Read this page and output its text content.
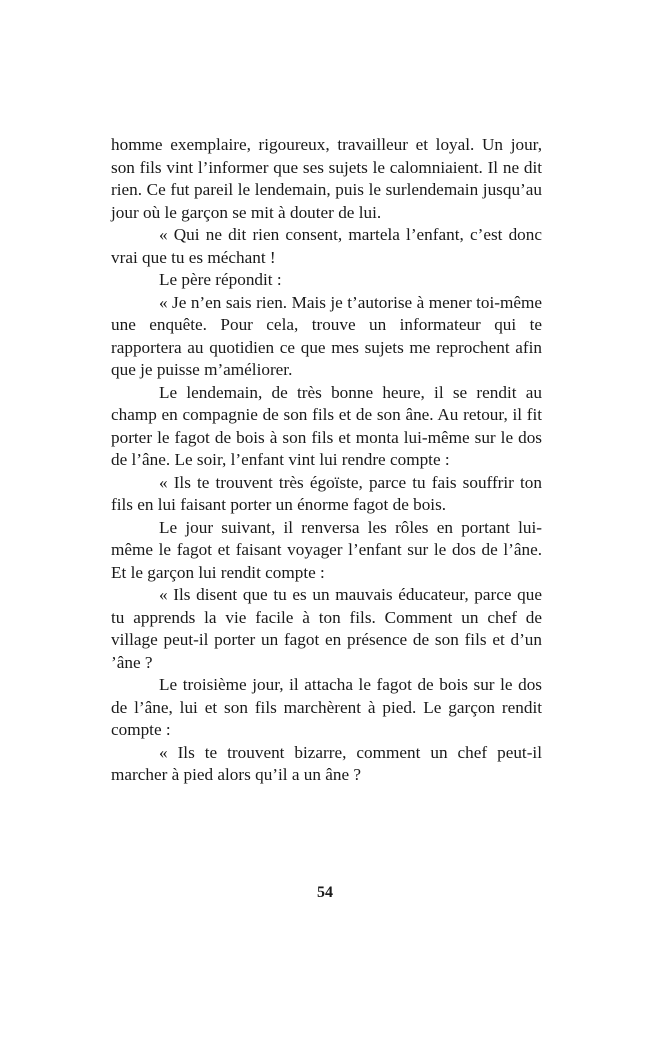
homme exemplaire, rigoureux, travailleur et loyal. Un jour, son fils vint l’informer que ses sujets le calomniaient. Il ne dit rien. Ce fut pareil le lendemain, puis le surlendemain jusqu’au jour où le garçon se mit à douter de lui.

« Qui ne dit rien consent, martela l’enfant, c’est donc vrai que tu es méchant !

Le père répondit :

« Je n’en sais rien. Mais je t’autorise à mener toi-même une enquête. Pour cela, trouve un informateur qui te rapportera au quotidien ce que mes sujets me reprochent afin que je puisse m’améliorer.

Le lendemain, de très bonne heure, il se rendit au champ en compagnie de son fils et de son âne. Au retour, il fit porter le fagot de bois à son fils et monta lui-même sur le dos de l’âne. Le soir, l’enfant vint lui rendre compte :

« Ils te trouvent très égoïste, parce tu fais souffrir ton fils en lui faisant porter un énorme fagot de bois.

Le jour suivant, il renversa les rôles en portant lui-même le fagot et faisant voyager l’enfant sur le dos de l’âne. Et le garçon lui rendit compte :

« Ils disent que tu es un mauvais éducateur, parce que tu apprends la vie facile à ton fils. Comment un chef de village peut-il porter un fagot en présence de son fils et d’un ’âne ?

Le troisième jour, il attacha le fagot de bois sur le dos de l’âne, lui et son fils marchèrent à pied. Le garçon rendit compte :

« Ils te trouvent bizarre, comment un chef peut-il marcher à pied alors qu’il a un âne ?

54
